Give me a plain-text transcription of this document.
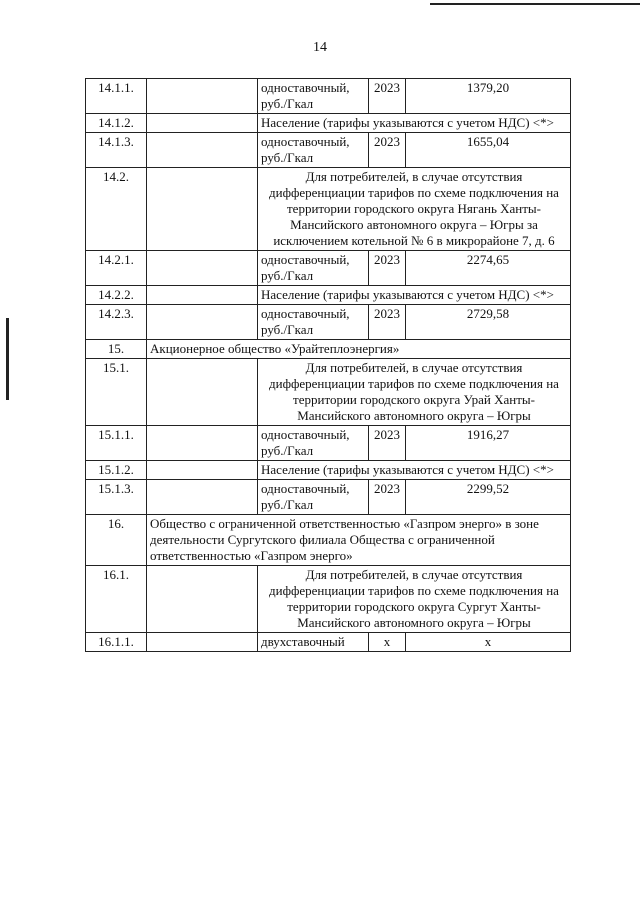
14
14.1.1.		одноставочный, руб./Гкал	2023	1379,20
14.1.2.		Население (тарифы указываются с учетом НДС) <*>		
14.1.3.		одноставочный, руб./Гкал	2023	1655,04
14.2.		Для потребителей, в случае отсутствия дифференциации тарифов по схеме подключения на территории городского округа Нягань Ханты-Мансийского автономного округа – Югры за исключением котельной № 6 в микрорайоне 7, д. 6		
14.2.1.		одноставочный, руб./Гкал	2023	2274,65
14.2.2.		Население (тарифы указываются с учетом НДС) <*>		
14.2.3.		одноставочный, руб./Гкал	2023	2729,58
15.	Акционерное общество «Урайтеплоэнергия»			
15.1.		Для потребителей, в случае отсутствия дифференциации тарифов по схеме подключения на территории городского округа Урай Ханты-Мансийского автономного округа – Югры		
15.1.1.		одноставочный, руб./Гкал	2023	1916,27
15.1.2.		Население (тарифы указываются с учетом НДС) <*>		
15.1.3.		одноставочный, руб./Гкал	2023	2299,52
16.	Общество с ограниченной ответственностью «Газпром энерго» в зоне деятельности Сургутского филиала Общества с ограниченной ответственностью «Газпром энерго»			
16.1.		Для потребителей, в случае отсутствия дифференциации тарифов по схеме подключения на территории городского округа Сургут Ханты-Мансийского автономного округа – Югры		
16.1.1.		двухставочный	х	х
